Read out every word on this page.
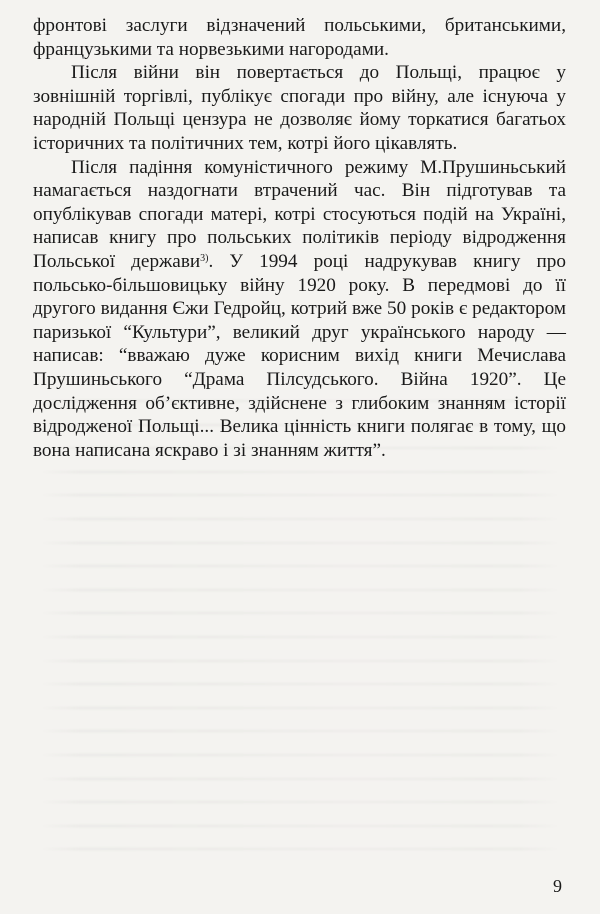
фронтові заслуги відзначений польськими, британськими, французькими та норвезькими нагородами.

Після війни він повертається до Польщі, працює у зовнішній торгівлі, публікує спогади про війну, але існуюча у народній Польщі цензура не дозволяє йому торкатися багатьох історичних та політичних тем, котрі його цікавлять.

Після падіння комуністичного режиму М.Прушиньський намагається наздогнати втрачений час. Він підготував та опублікував спогади матері, котрі стосуються подій на Україні, написав книгу про польських політиків періоду відродження Польської держави$^{3)}$. У 1994 році надрукував книгу про польсько-більшовицьку війну 1920 року. В передмові до її другого видання Єжи Гедройц, котрий вже 50 років є редактором паризької “Культури”, великий друг українського народу — написав: “вважаю дуже корисним вихід книги Мечислава Прушиньського “Драма Пілсудського. Війна 1920”. Це дослідження об’єктивне, здійснене з глибоким знанням історії відродженої Польщі... Велика цінність книги полягає в тому, що вона написана яскраво і зі знанням життя”.

9
